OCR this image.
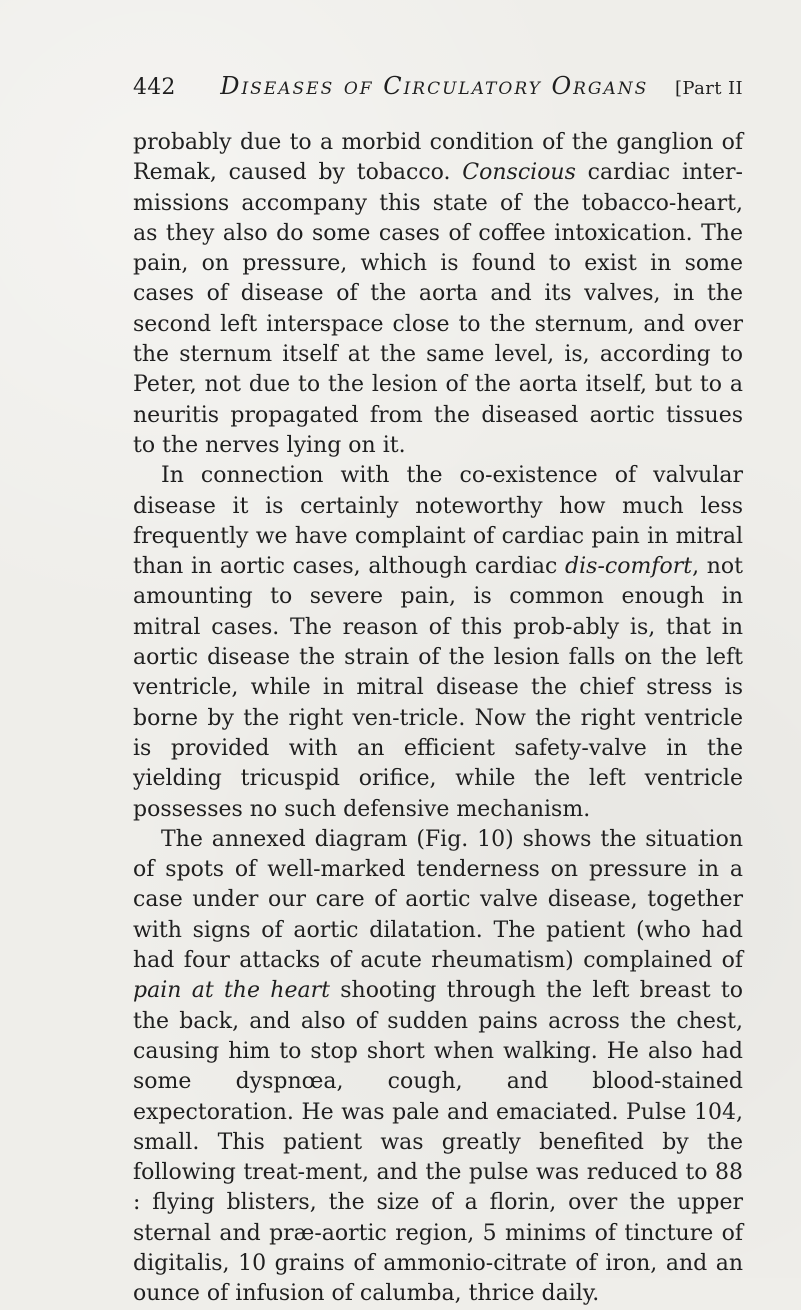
442 Diseases of Circulatory Organs [Part II

probably due to a morbid condition of the ganglion of Remak, caused by tobacco. Conscious cardiac inter-missions accompany this state of the tobacco-heart, as they also do some cases of coffee intoxication. The pain, on pressure, which is found to exist in some cases of disease of the aorta and its valves, in the second left interspace close to the sternum, and over the sternum itself at the same level, is, according to Peter, not due to the lesion of the aorta itself, but to a neuritis propagated from the diseased aortic tissues to the nerves lying on it.

In connection with the co-existence of valvular disease it is certainly noteworthy how much less frequently we have complaint of cardiac pain in mitral than in aortic cases, although cardiac dis-comfort, not amounting to severe pain, is common enough in mitral cases. The reason of this prob-ably is, that in aortic disease the strain of the lesion falls on the left ventricle, while in mitral disease the chief stress is borne by the right ven-tricle. Now the right ventricle is provided with an efficient safety-valve in the yielding tricuspid orifice, while the left ventricle possesses no such defensive mechanism.

The annexed diagram (Fig. 10) shows the situation of spots of well-marked tenderness on pressure in a case under our care of aortic valve disease, together with signs of aortic dilatation. The patient (who had had four attacks of acute rheumatism) complained of pain at the heart shooting through the left breast to the back, and also of sudden pains across the chest, causing him to stop short when walking. He also had some dyspnœa, cough, and blood-stained expectoration. He was pale and emaciated. Pulse 104, small. This patient was greatly benefited by the following treat-ment, and the pulse was reduced to 88 : flying blisters, the size of a florin, over the upper sternal and præ-aortic region, 5 minims of tincture of digitalis, 10 grains of ammonio-citrate of iron, and an ounce of infusion of calumba, thrice daily.
